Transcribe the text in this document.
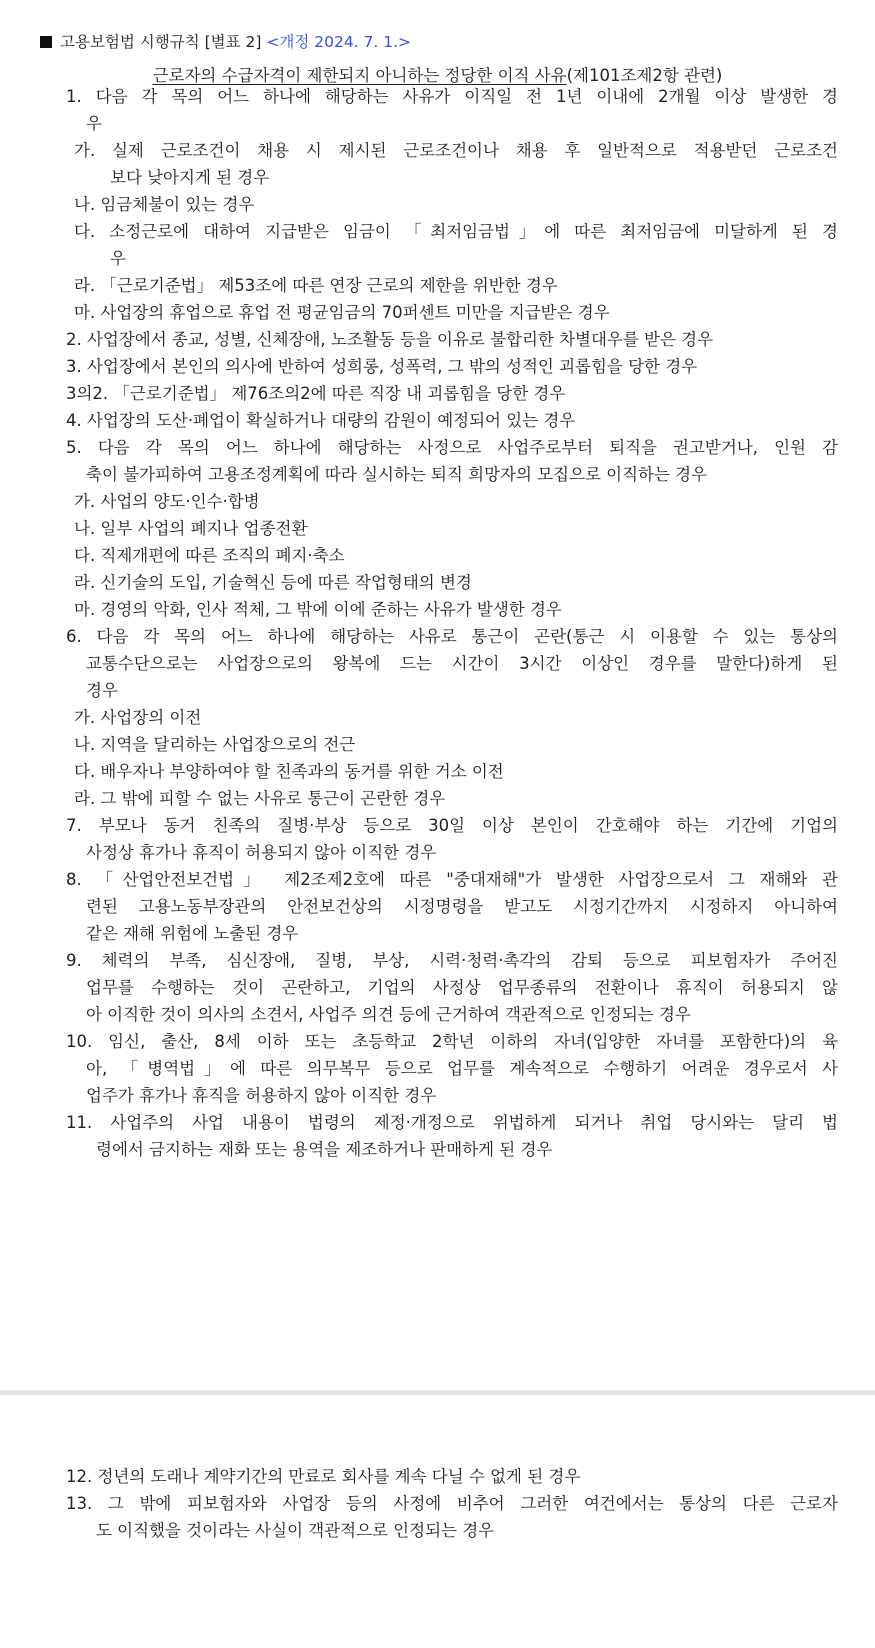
고용보험법 시행규칙 [별표 2] <개정 2024. 7. 1.>
근로자의 수급자격이 제한되지 아니하는 정당한 이직 사유(제101조제2항 관련)
1. 다음 각 목의 어느 하나에 해당하는 사유가 이직일 전 1년 이내에 2개월 이상 발생한 경
우
가. 실제 근로조건이 채용 시 제시된 근로조건이나 채용 후 일반적으로 적용받던 근로조건
보다 낮아지게 된 경우
나. 임금체불이 있는 경우
다. 소정근로에 대하여 지급받은 임금이 「최저임금법」에 따른 최저임금에 미달하게 된 경
우
라. 「근로기준법」 제53조에 따른 연장 근로의 제한을 위반한 경우
마. 사업장의 휴업으로 휴업 전 평균임금의 70퍼센트 미만을 지급받은 경우
2. 사업장에서 종교, 성별, 신체장애, 노조활동 등을 이유로 불합리한 차별대우를 받은 경우
3. 사업장에서 본인의 의사에 반하여 성희롱, 성폭력, 그 밖의 성적인 괴롭힘을 당한 경우
3의2. 「근로기준법」 제76조의2에 따른 직장 내 괴롭힘을 당한 경우
4. 사업장의 도산·폐업이 확실하거나 대량의 감원이 예정되어 있는 경우
5. 다음 각 목의 어느 하나에 해당하는 사정으로 사업주로부터 퇴직을 권고받거나, 인원 감
축이 불가피하여 고용조정계획에 따라 실시하는 퇴직 희망자의 모집으로 이직하는 경우
가. 사업의 양도·인수·합병
나. 일부 사업의 폐지나 업종전환
다. 직제개편에 따른 조직의 폐지·축소
라. 신기술의 도입, 기술혁신 등에 따른 작업형태의 변경
마. 경영의 악화, 인사 적체, 그 밖에 이에 준하는 사유가 발생한 경우
6. 다음 각 목의 어느 하나에 해당하는 사유로 통근이 곤란(통근 시 이용할 수 있는 통상의
교통수단으로는 사업장으로의 왕복에 드는 시간이 3시간 이상인 경우를 말한다)하게 된
경우
가. 사업장의 이전
나. 지역을 달리하는 사업장으로의 전근
다. 배우자나 부양하여야 할 친족과의 동거를 위한 거소 이전
라. 그 밖에 피할 수 없는 사유로 통근이 곤란한 경우
7. 부모나 동거 친족의 질병·부상 등으로 30일 이상 본인이 간호해야 하는 기간에 기업의
사정상 휴가나 휴직이 허용되지 않아 이직한 경우
8. 「산업안전보건법」 제2조제2호에 따른 "중대재해"가 발생한 사업장으로서 그 재해와 관
련된 고용노동부장관의 안전보건상의 시정명령을 받고도 시정기간까지 시정하지 아니하여
같은 재해 위험에 노출된 경우
9. 체력의 부족, 심신장애, 질병, 부상, 시력·청력·촉각의 감퇴 등으로 피보험자가 주어진
업무를 수행하는 것이 곤란하고, 기업의 사정상 업무종류의 전환이나 휴직이 허용되지 않
아 이직한 것이 의사의 소견서, 사업주 의견 등에 근거하여 객관적으로 인정되는 경우
10. 임신, 출산, 8세 이하 또는 초등학교 2학년 이하의 자녀(입양한 자녀를 포함한다)의 육
아, 「병역법」에 따른 의무복무 등으로 업무를 계속적으로 수행하기 어려운 경우로서 사
업주가 휴가나 휴직을 허용하지 않아 이직한 경우
11. 사업주의 사업 내용이 법령의 제정·개정으로 위법하게 되거나 취업 당시와는 달리 법
령에서 금지하는 재화 또는 용역을 제조하거나 판매하게 된 경우
12. 정년의 도래나 계약기간의 만료로 회사를 계속 다닐 수 없게 된 경우
13. 그 밖에 피보험자와 사업장 등의 사정에 비추어 그러한 여건에서는 통상의 다른 근로자
도 이직했을 것이라는 사실이 객관적으로 인정되는 경우
